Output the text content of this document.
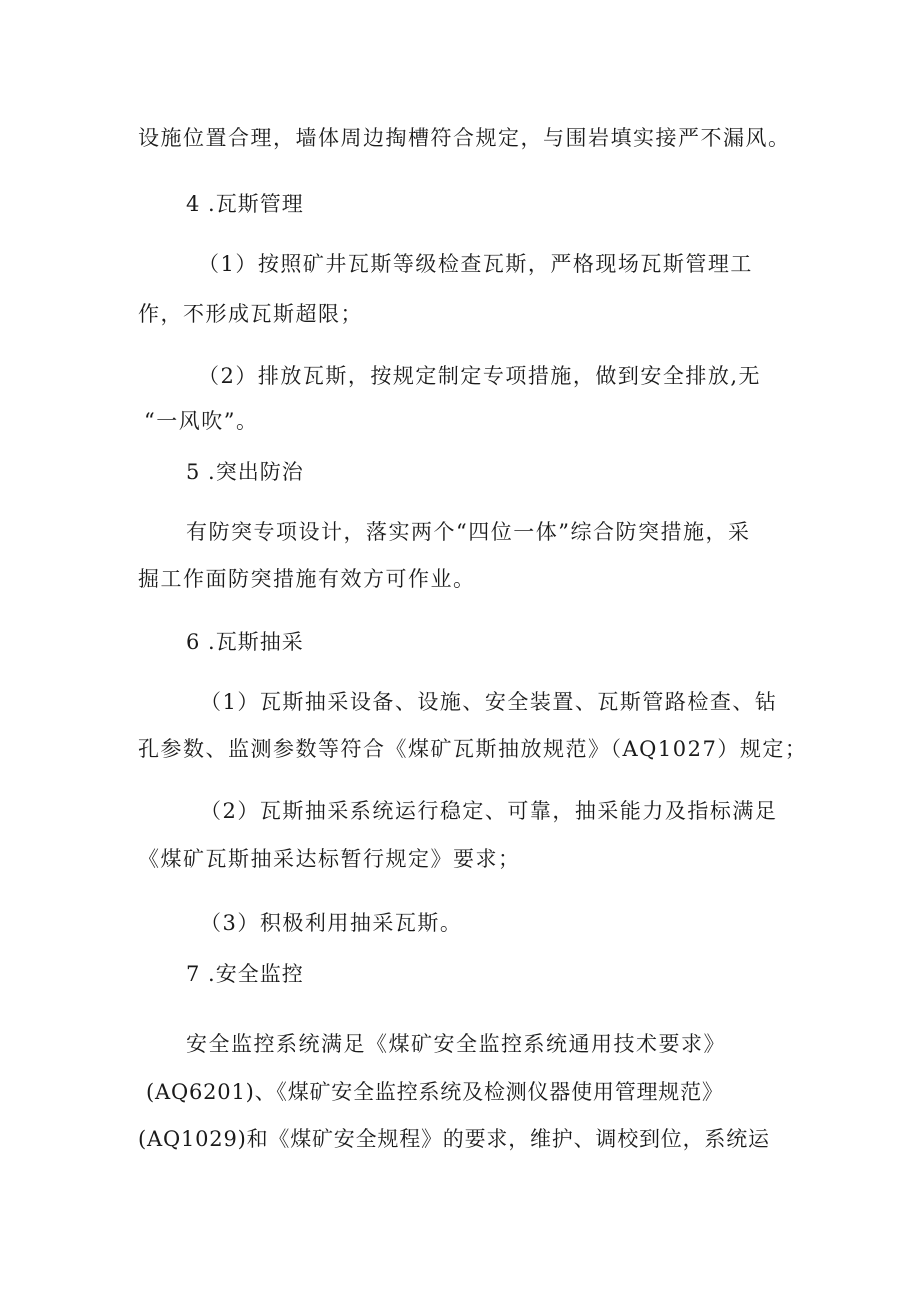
设施位置合理，墙体周边掏槽符合规定，与围岩填实接严不漏风。
4 .瓦斯管理
（1）按照矿井瓦斯等级检查瓦斯，严格现场瓦斯管理工
作，不形成瓦斯超限；
（2）排放瓦斯，按规定制定专项措施，做到安全排放,无
“一风吹”。
5 .突出防治
有防突专项设计，落实两个“四位一体”综合防突措施，采
掘工作面防突措施有效方可作业。
6 .瓦斯抽采
（1）瓦斯抽采设备、设施、安全装置、瓦斯管路检查、钻
孔参数、监测参数等符合《煤矿瓦斯抽放规范》（AQ1027）规定；
（2）瓦斯抽采系统运行稳定、可靠，抽采能力及指标满足
《煤矿瓦斯抽采达标暂行规定》要求；
（3）积极利用抽采瓦斯。
7 .安全监控
安全监控系统满足《煤矿安全监控系统通用技术要求》
(AQ6201)、《煤矿安全监控系统及检测仪器使用管理规范》
(AQ1029)和《煤矿安全规程》的要求，维护、调校到位，系统运
